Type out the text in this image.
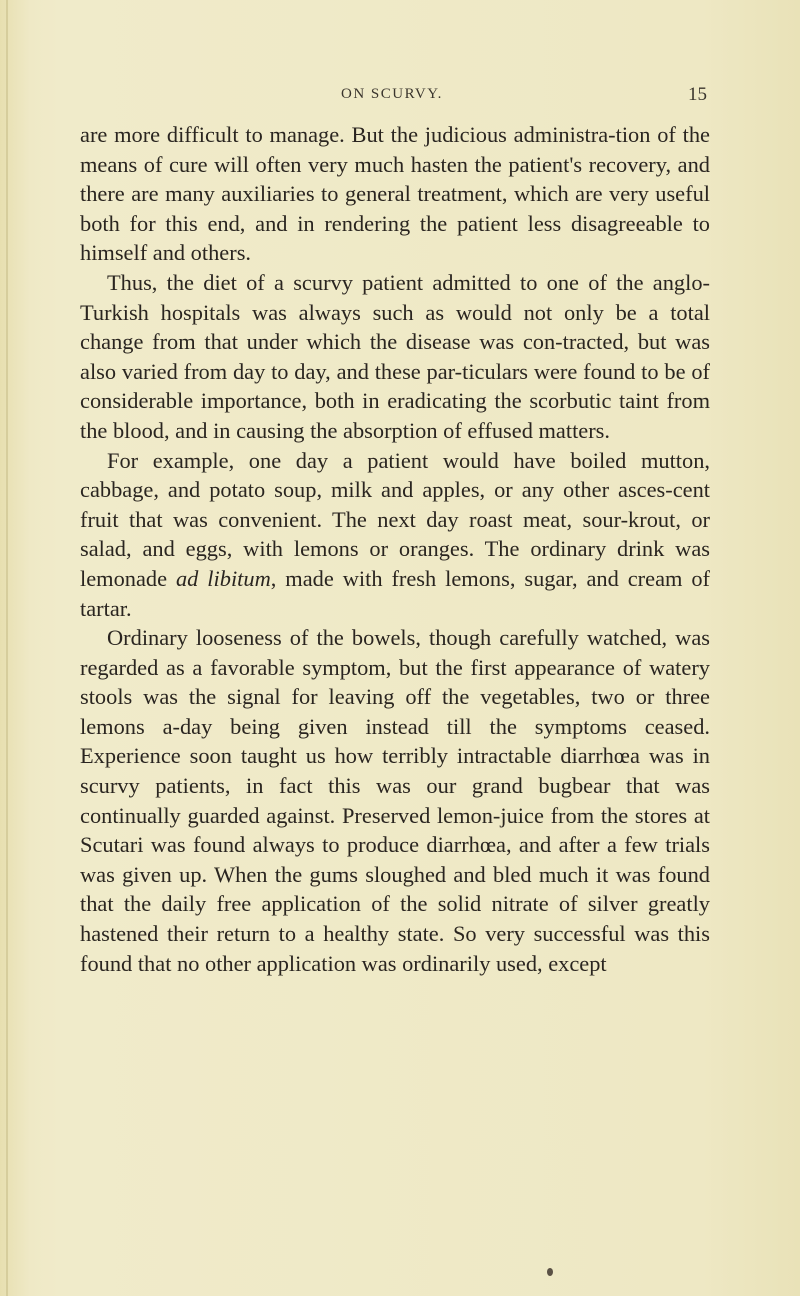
ON SCURVY.	15

are more difficult to manage. But the judicious administra-tion of the means of cure will often very much hasten the patient's recovery, and there are many auxiliaries to general treatment, which are very useful both for this end, and in rendering the patient less disagreeable to himself and others.

Thus, the diet of a scurvy patient admitted to one of the anglo-Turkish hospitals was always such as would not only be a total change from that under which the disease was con-tracted, but was also varied from day to day, and these par-ticulars were found to be of considerable importance, both in eradicating the scorbutic taint from the blood, and in causing the absorption of effused matters.

For example, one day a patient would have boiled mutton, cabbage, and potato soup, milk and apples, or any other asces-cent fruit that was convenient. The next day roast meat, sour-krout, or salad, and eggs, with lemons or oranges. The ordinary drink was lemonade ad libitum, made with fresh lemons, sugar, and cream of tartar.

Ordinary looseness of the bowels, though carefully watched, was regarded as a favorable symptom, but the first appearance of watery stools was the signal for leaving off the vegetables, two or three lemons a-day being given instead till the symptoms ceased. Experience soon taught us how terribly intractable diarrhœa was in scurvy patients, in fact this was our grand bugbear that was continually guarded against. Preserved lemon-juice from the stores at Scutari was found always to produce diarrhœa, and after a few trials was given up. When the gums sloughed and bled much it was found that the daily free application of the solid nitrate of silver greatly hastened their return to a healthy state. So very successful was this found that no other application was ordinarily used, except
